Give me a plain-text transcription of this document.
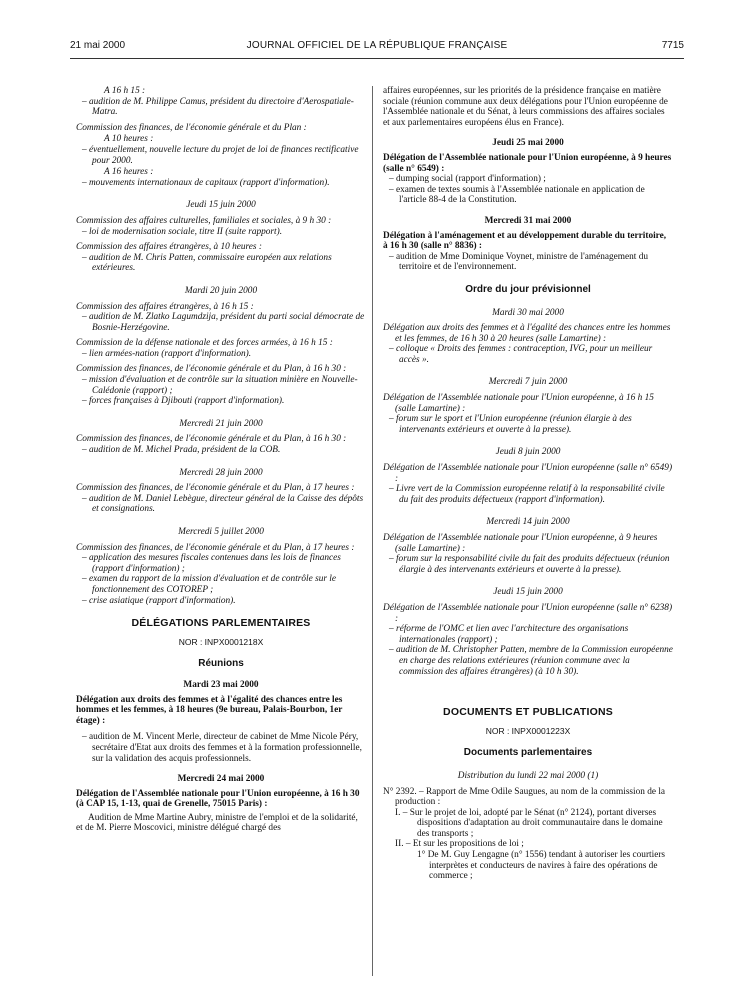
21 mai 2000	JOURNAL OFFICIEL DE LA RÉPUBLIQUE FRANÇAISE	7715

A 16 h 15 :

– audition de M. Philippe Camus, président du directoire d'Aerospatiale-Matra.

Commission des finances, de l'économie générale et du Plan :

A 10 heures :

– éventuellement, nouvelle lecture du projet de loi de finances rectificative pour 2000.

A 16 heures :

– mouvements internationaux de capitaux (rapport d'information).

Jeudi 15 juin 2000

Commission des affaires culturelles, familiales et sociales, à 9 h 30 :

– loi de modernisation sociale, titre II (suite rapport).

Commission des affaires étrangères, à 10 heures :

– audition de M. Chris Patten, commissaire européen aux relations extérieures.

Mardi 20 juin 2000

Commission des affaires étrangères, à 16 h 15 :

– audition de M. Zlatko Lagumdzija, président du parti social démocrate de Bosnie-Herzégovine.

Commission de la défense nationale et des forces armées, à 16 h 15 :

– lien armées-nation (rapport d'information).

Commission des finances, de l'économie générale et du Plan, à 16 h 30 :

– mission d'évaluation et de contrôle sur la situation minière en Nouvelle-Calédonie (rapport) ;

– forces françaises à Djibouti (rapport d'information).

Mercredi 21 juin 2000

Commission des finances, de l'économie générale et du Plan, à 16 h 30 :

– audition de M. Michel Prada, président de la COB.

Mercredi 28 juin 2000

Commission des finances, de l'économie générale et du Plan, à 17 heures :

– audition de M. Daniel Lebègue, directeur général de la Caisse des dépôts et consignations.

Mercredi 5 juillet 2000

Commission des finances, de l'économie générale et du Plan, à 17 heures :

– application des mesures fiscales contenues dans les lois de finances (rapport d'information) ;

– examen du rapport de la mission d'évaluation et de contrôle sur le fonctionnement des COTOREP ;

– crise asiatique (rapport d'information).

DÉLÉGATIONS PARLEMENTAIRES

NOR : INPX0001218X

Réunions

Mardi 23 mai 2000

Délégation aux droits des femmes et à l'égalité des chances entre les hommes et les femmes, à 18 heures (9e bureau, Palais-Bourbon, 1er étage) :

– audition de M. Vincent Merle, directeur de cabinet de Mme Nicole Péry, secrétaire d'Etat aux droits des femmes et à la formation professionnelle, sur la validation des acquis professionnels.

Mercredi 24 mai 2000

Délégation de l'Assemblée nationale pour l'Union européenne, à 16 h 30 (à CAP 15, 1-13, quai de Grenelle, 75015 Paris) :

Audition de Mme Martine Aubry, ministre de l'emploi et de la solidarité, et de M. Pierre Moscovici, ministre délégué chargé des

affaires européennes, sur les priorités de la présidence française en matière sociale (réunion commune aux deux délégations pour l'Union européenne de l'Assemblée nationale et du Sénat, à leurs commissions des affaires sociales et aux parlementaires européens élus en France).

Jeudi 25 mai 2000

Délégation de l'Assemblée nationale pour l'Union européenne, à 9 heures (salle n° 6549) :

– dumping social (rapport d'information) ;

– examen de textes soumis à l'Assemblée nationale en application de l'article 88-4 de la Constitution.

Mercredi 31 mai 2000

Délégation à l'aménagement et au développement durable du territoire, à 16 h 30 (salle n° 8836) :

– audition de Mme Dominique Voynet, ministre de l'aménagement du territoire et de l'environnement.

Ordre du jour prévisionnel

Mardi 30 mai 2000

Délégation aux droits des femmes et à l'égalité des chances entre les hommes et les femmes, de 16 h 30 à 20 heures (salle Lamartine) :

– colloque « Droits des femmes : contraception, IVG, pour un meilleur accès ».

Mercredi 7 juin 2000

Délégation de l'Assemblée nationale pour l'Union européenne, à 16 h 15 (salle Lamartine) :

– forum sur le sport et l'Union européenne (réunion élargie à des intervenants extérieurs et ouverte à la presse).

Jeudi 8 juin 2000

Délégation de l'Assemblée nationale pour l'Union européenne (salle n° 6549) :

– Livre vert de la Commission européenne relatif à la responsabilité civile du fait des produits défectueux (rapport d'information).

Mercredi 14 juin 2000

Délégation de l'Assemblée nationale pour l'Union européenne, à 9 heures (salle Lamartine) :

– forum sur la responsabilité civile du fait des produits défectueux (réunion élargie à des intervenants extérieurs et ouverte à la presse).

Jeudi 15 juin 2000

Délégation de l'Assemblée nationale pour l'Union européenne (salle n° 6238) :

– réforme de l'OMC et lien avec l'architecture des organisations internationales (rapport) ;

– audition de M. Christopher Patten, membre de la Commission européenne en charge des relations extérieures (réunion commune avec la commission des affaires étrangères) (à 10 h 30).

DOCUMENTS ET PUBLICATIONS

NOR : INPX0001223X

Documents parlementaires

Distribution du lundi 22 mai 2000 (1)

N° 2392. – Rapport de Mme Odile Saugues, au nom de la commission de la production :

I. – Sur le projet de loi, adopté par le Sénat (n° 2124), portant diverses dispositions d'adaptation au droit communautaire dans le domaine des transports ;

II. – Et sur les propositions de loi ;

1° De M. Guy Lengagne (n° 1556) tendant à autoriser les courtiers interprètes et conducteurs de navires à faire des opérations de commerce ;
